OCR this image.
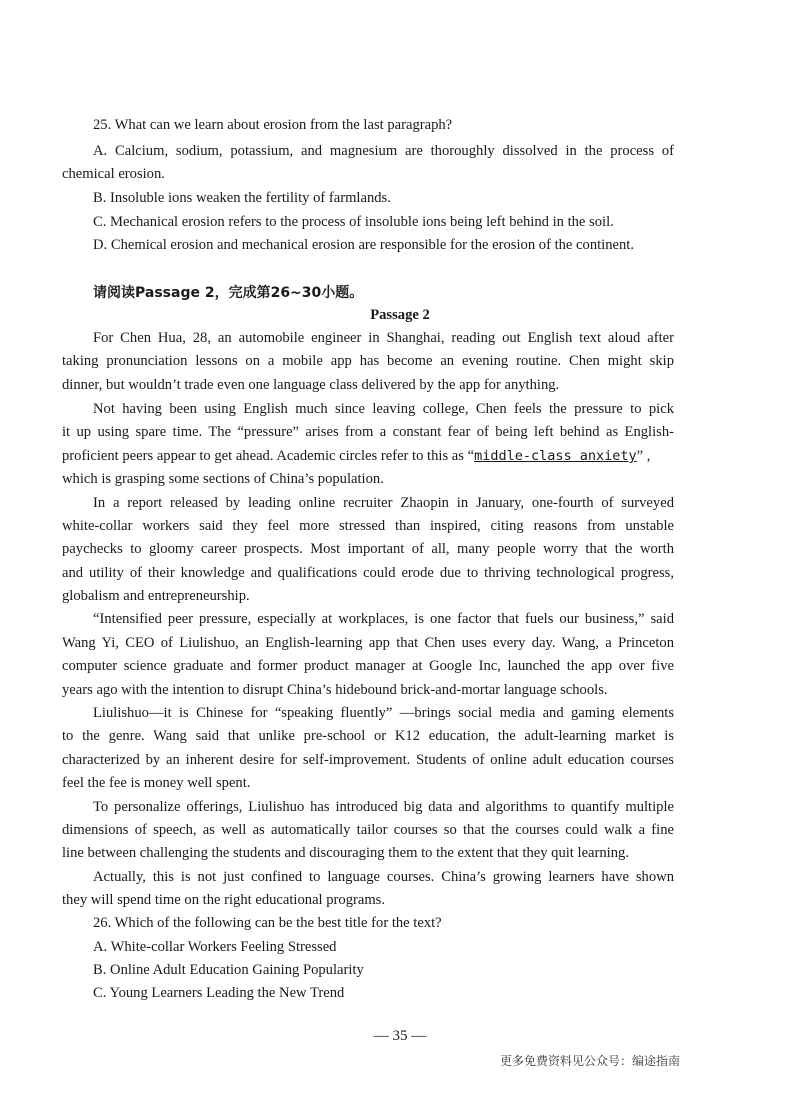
25. What can we learn about erosion from the last paragraph?
A. Calcium, sodium, potassium, and magnesium are thoroughly dissolved in the process of
chemical erosion.
B. Insoluble ions weaken the fertility of farmlands.
C. Mechanical erosion refers to the process of insoluble ions being left behind in the soil.
D. Chemical erosion and mechanical erosion are responsible for the erosion of the continent.
请阅读Passage 2，完成第26~30小题。
Passage 2
For Chen Hua, 28, an automobile engineer in Shanghai, reading out English text aloud after
taking pronunciation lessons on a mobile app has become an evening routine. Chen might skip
dinner, but wouldn’t trade even one language class delivered by the app for anything.
Not having been using English much since leaving college, Chen feels the pressure to pick
it up using spare time. The “pressure” arises from a constant fear of being left behind as English-
proficient peers appear to get ahead. Academic circles refer to this as “middle-class anxiety” ,
which is grasping some sections of China’s population.
In a report released by leading online recruiter Zhaopin in January, one-fourth of surveyed
white-collar workers said they feel more stressed than inspired, citing reasons from unstable
paychecks to gloomy career prospects. Most important of all, many people worry that the worth
and utility of their knowledge and qualifications could erode due to thriving technological progress,
globalism and entrepreneurship.
“Intensified peer pressure, especially at workplaces, is one factor that fuels our business,” said
Wang Yi, CEO of Liulishuo, an English-learning app that Chen uses every day. Wang, a Princeton
computer science graduate and former product manager at Google Inc, launched the app over five
years ago with the intention to disrupt China’s hidebound brick-and-mortar language schools.
Liulishuo—it is Chinese for “speaking fluently” —brings social media and gaming elements
to the genre. Wang said that unlike pre-school or K12 education, the adult-learning market is
characterized by an inherent desire for self-improvement. Students of online adult education courses
feel the fee is money well spent.
To personalize offerings, Liulishuo has introduced big data and algorithms to quantify multiple
dimensions of speech, as well as automatically tailor courses so that the courses could walk a fine
line between challenging the students and discouraging them to the extent that they quit learning.
Actually, this is not just confined to language courses. China’s growing learners have shown
they will spend time on the right educational programs.
26. Which of the following can be the best title for the text?
A. White-collar Workers Feeling Stressed
B. Online Adult Education Gaining Popularity
C. Young Learners Leading the New Trend
— 35 —
更多免费资料见公众号：编途指南
